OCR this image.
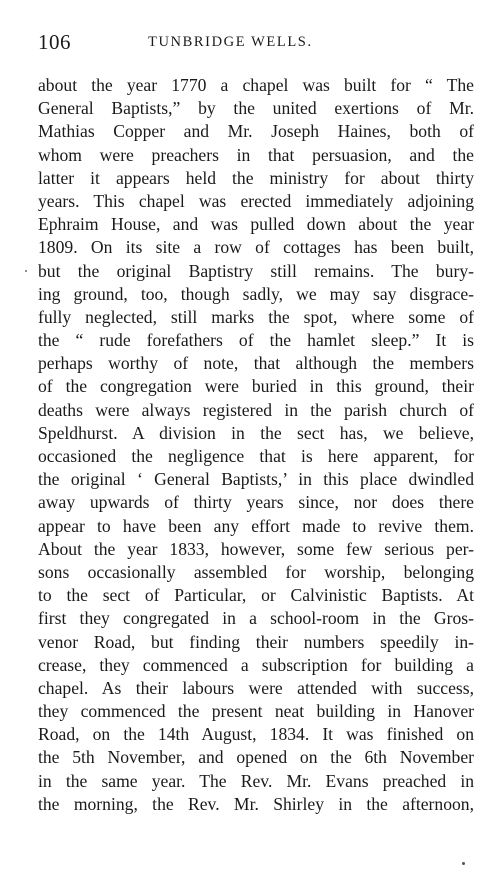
106	TUNBRIDGE WELLS.
about the year 1770 a chapel was built for “ The
General Baptists,” by the united exertions of Mr.
Mathias Copper and Mr. Joseph Haines, both of
whom were preachers in that persuasion, and the
latter it appears held the ministry for about thirty
years. This chapel was erected immediately adjoining
Ephraim House, and was pulled down about the year
1809. On its site a row of cottages has been built,
but the original Baptistry still remains. The bury-
ing ground, too, though sadly, we may say disgrace-
fully neglected, still marks the spot, where some of
the “ rude forefathers of the hamlet sleep.” It is
perhaps worthy of note, that although the members
of the congregation were buried in this ground, their
deaths were always registered in the parish church of
Speldhurst. A division in the sect has, we believe,
occasioned the negligence that is here apparent, for
the original ‘ General Baptists,’ in this place dwindled
away upwards of thirty years since, nor does there
appear to have been any effort made to revive them.
About the year 1833, however, some few serious per-
sons occasionally assembled for worship, belonging
to the sect of Particular, or Calvinistic Baptists. At
first they congregated in a school-room in the Gros-
venor Road, but finding their numbers speedily in-
crease, they commenced a subscription for building a
chapel. As their labours were attended with success,
they commenced the present neat building in Hanover
Road, on the 14th August, 1834. It was finished on
the 5th November, and opened on the 6th November
in the same year. The Rev. Mr. Evans preached in
the morning, the Rev. Mr. Shirley in the afternoon,
